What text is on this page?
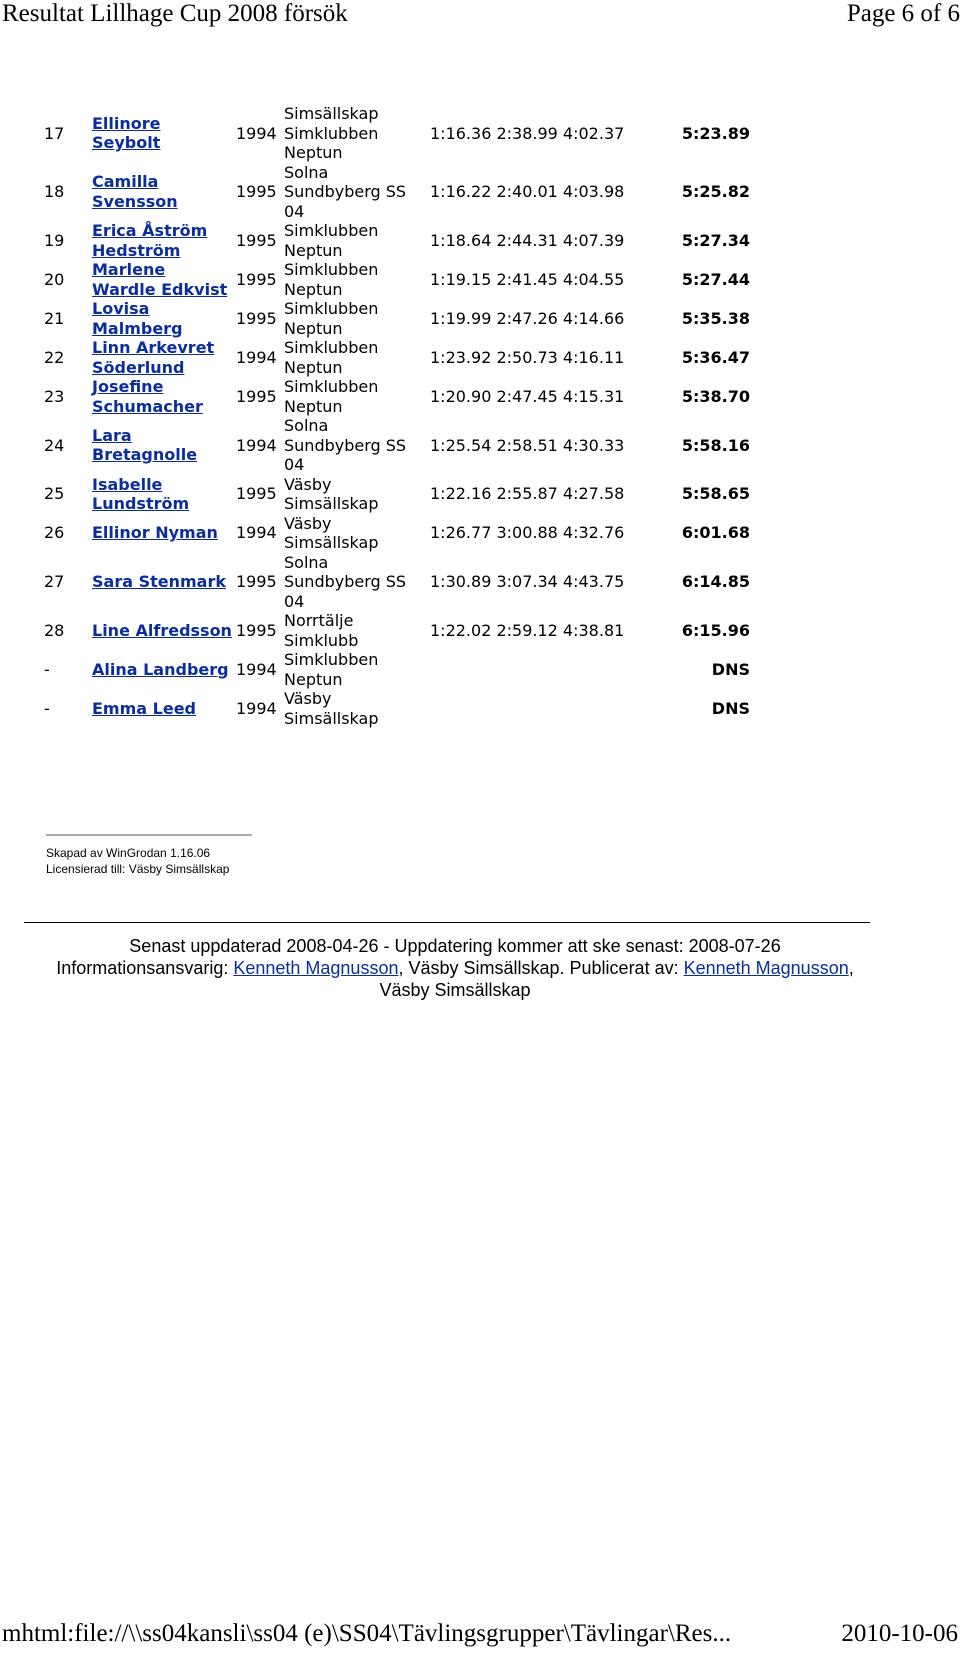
Resultat Lillhage Cup 2008 försök	Page 6 of 6
17	Ellinore Seybolt	1994	Simsällskap Simklubben Neptun	1:16.36 2:38.99 4:02.37	5:23.89
18	Camilla Svensson	1995	Solna Sundbyberg SS 04	1:16.22 2:40.01 4:03.98	5:25.82
19	Erica Åström Hedström	1995	Simklubben Neptun	1:18.64 2:44.31 4:07.39	5:27.34
20	Marlene Wardle Edkvist	1995	Simklubben Neptun	1:19.15 2:41.45 4:04.55	5:27.44
21	Lovisa Malmberg	1995	Simklubben Neptun	1:19.99 2:47.26 4:14.66	5:35.38
22	Linn Arkevret Söderlund	1994	Simklubben Neptun	1:23.92 2:50.73 4:16.11	5:36.47
23	Josefine Schumacher	1995	Simklubben Neptun	1:20.90 2:47.45 4:15.31	5:38.70
24	Lara Bretagnolle	1994	Solna Sundbyberg SS 04	1:25.54 2:58.51 4:30.33	5:58.16
25	Isabelle Lundström	1995	Väsby Simsällskap	1:22.16 2:55.87 4:27.58	5:58.65
26	Ellinor Nyman	1994	Väsby Simsällskap	1:26.77 3:00.88 4:32.76	6:01.68
27	Sara Stenmark	1995	Solna Sundbyberg SS 04	1:30.89 3:07.34 4:43.75	6:14.85
28	Line Alfredsson	1995	Norrtälje Simklubb	1:22.02 2:59.12 4:38.81	6:15.96
-	Alina Landberg	1994	Simklubben Neptun		DNS
-	Emma Leed	1994	Väsby Simsällskap		DNS
Skapad av WinGrodan 1.16.06
Licensierad till: Väsby Simsällskap
Senast uppdaterad 2008-04-26 - Uppdatering kommer att ske senast: 2008-07-26
Informationsansvarig: Kenneth Magnusson, Väsby Simsällskap. Publicerat av: Kenneth Magnusson, Väsby Simsällskap
mhtml:file://\\ss04kansli\ss04 (e)\SS04\Tävlingsgrupper\Tävlingar\Res...	2010-10-06
